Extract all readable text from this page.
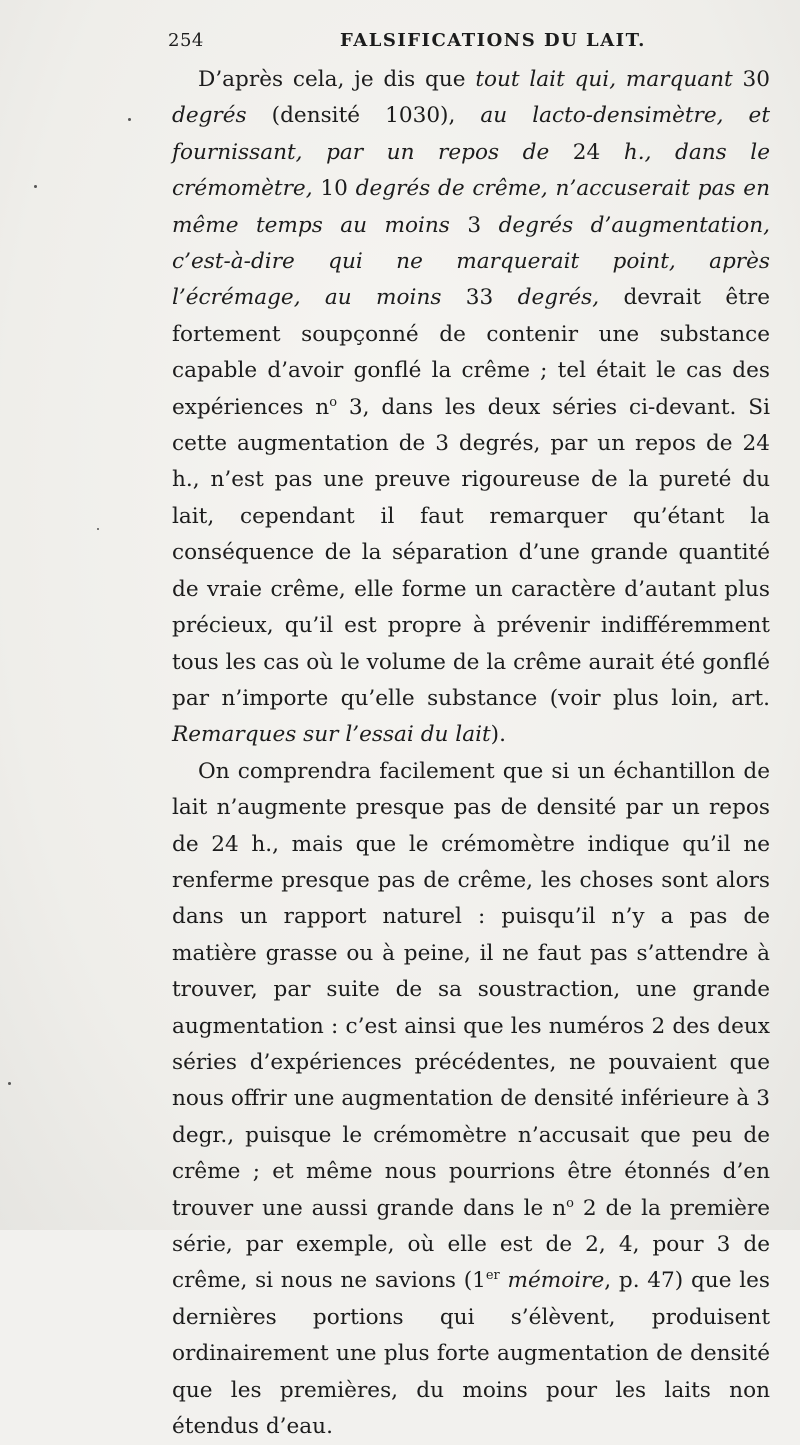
254	FALSIFICATIONS DU LAIT.

D’après cela, je dis que tout lait qui, marquant 30 degrés (densité 1030), au lacto-densimètre, et fournissant, par un repos de 24 h., dans le crémomètre, 10 degrés de crême, n’accuserait pas en même temps au moins 3 degrés d’augmentation, c’est-à-dire qui ne marquerait point, après l’écrémage, au moins 33 degrés, devrait être fortement soupçonné de contenir une substance capable d’avoir gonflé la crême ; tel était le cas des expériences $n^o$ 3, dans les deux séries ci-devant. Si cette augmentation de 3 degrés, par un repos de 24 h., n’est pas une preuve rigoureuse de la pureté du lait, cependant il faut remarquer qu’étant la conséquence de la séparation d’une grande quantité de vraie crême, elle forme un caractère d’autant plus précieux, qu’il est propre à prévenir indifféremment tous les cas où le volume de la crême aurait été gonflé par n’importe qu’elle substance (voir plus loin, art. Remarques sur l’essai du lait).

On comprendra facilement que si un échantillon de lait n’augmente presque pas de densité par un repos de 24 h., mais que le crémomètre indique qu’il ne renferme presque pas de crême, les choses sont alors dans un rapport naturel : puisqu’il n’y a pas de matière grasse ou à peine, il ne faut pas s’attendre à trouver, par suite de sa soustraction, une grande augmentation : c’est ainsi que les numéros 2 des deux séries d’expériences précédentes, ne pouvaient que nous offrir une augmentation de densité inférieure à 3 degr., puisque le crémomètre n’accusait que peu de crême ; et même nous pourrions être étonnés d’en trouver une aussi grande dans le $n^o$ 2 de la première série, par exemple, où elle est de 2, 4, pour 3 de crême, si nous ne savions (1er mémoire, p. 47) que les dernières portions qui s’élèvent, produisent ordinairement une plus forte augmentation de densité que les premières, du moins pour les laits non étendus d’eau.
